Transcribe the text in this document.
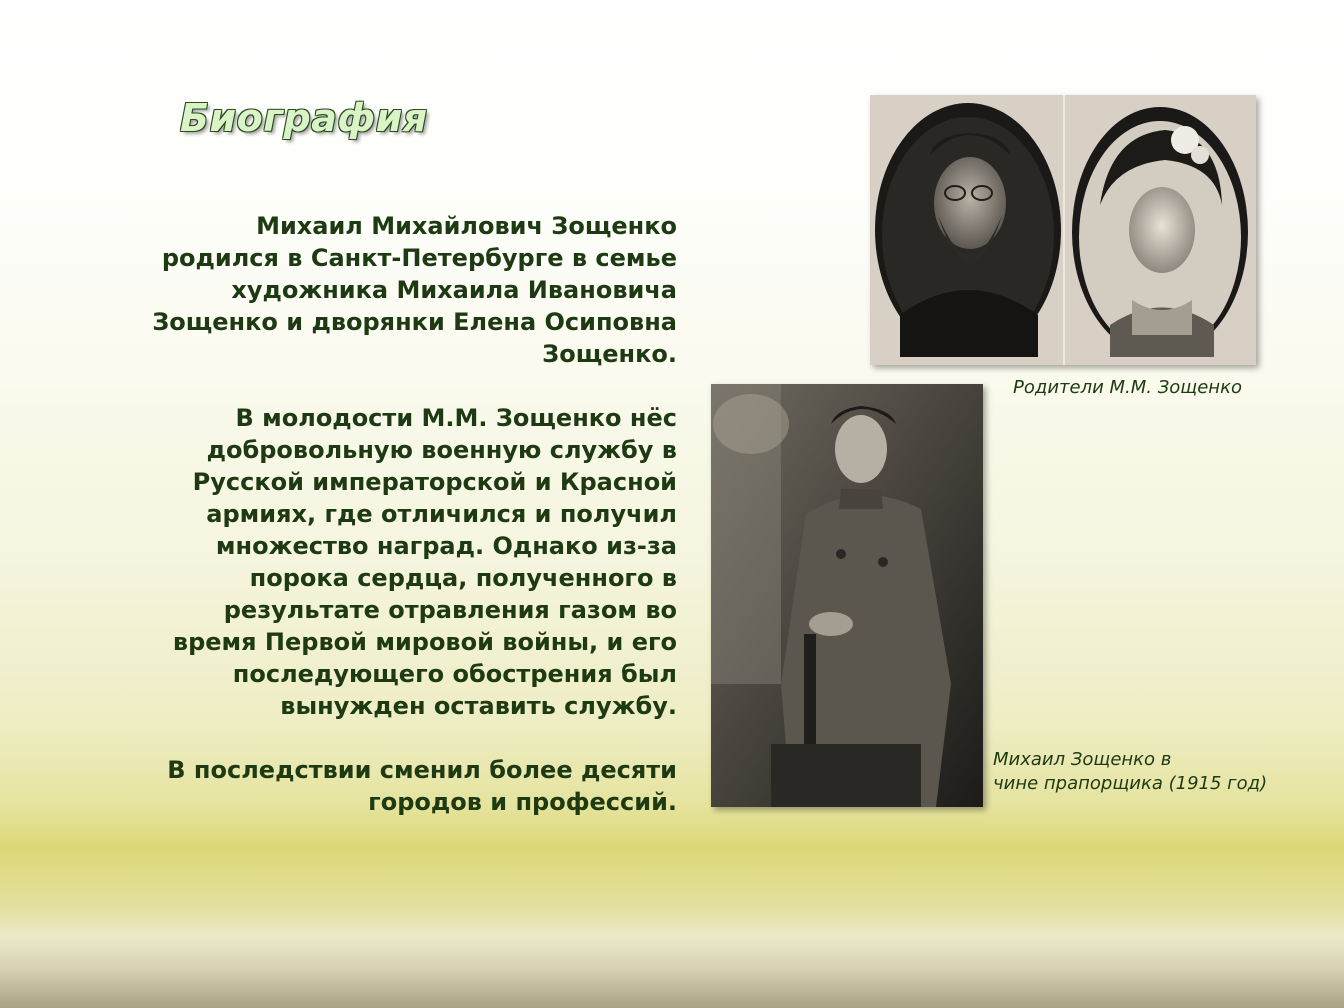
Биография

Михаил Михайлович Зощенко родился в Санкт-Петербурге в семье художника Михаила Ивановича Зощенко и дворянки Елена Осиповна Зощенко.

В молодости М.М. Зощенко нёс добровольную военную службу в Русской императорской и Красной армиях, где отличился и получил множество наград. Однако из-за порока сердца, полученного в результате отравления газом во время Первой мировой войны, и его последующего обострения был вынужден оставить службу.

В последствии сменил более десяти городов и профессий.

Родители М.М. Зощенко

Михаил Зощенко в
чине прапорщика (1915 год)
